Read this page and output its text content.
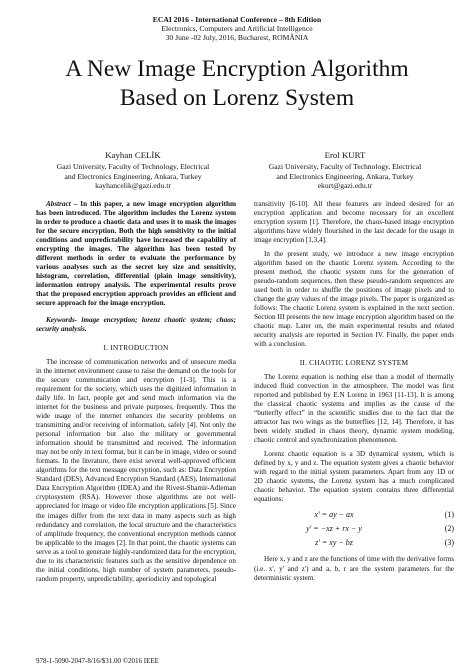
ECAI 2016 - International Conference – 8th Edition
Electronics, Computers and Artificial Intelligence
30 June -02 July, 2016, Bucharest, ROMÂNIA
A New Image Encryption Algorithm
Based on Lorenz System
Kayhan CELİK
Gazi University, Faculty of Technology, Electrical
and Electronics Engineering, Ankara, Turkey
kayhancelik@gazi.edu.tr
Erol KURT
Gazi University, Faculty of Technology, Electrical
and Electronics Engineering, Ankara, Turkey
ekurt@gazi.edu.tr

Abstract – In this paper, a new image encryption algorithm has been introduced. The algorithm includes the Lorenz system in order to produce a chaotic data and uses it to mask the images for the secure encryption. Both the high sensitivity to the initial conditions and unpredictability have increased the capability of encrypting the images. The algorithm has been tested by different methods in order to evaluate the performance by various analyses such as the secret key size and sensitivity, histogram, correlation, differential (plain image sensitivity), information entropy analysis. The experimental results prove that the proposed encryption approach provides an efficient and secure approach for the image encryption.

Keywords- image encryption; lorenz chaotic system; chaos; security analysis.

I. INTRODUCTION

The increase of communication networks and of unsecure media in the internet environment cause to raise the demand on the tools for the secure communication and encryption [1-3]. This is a requirement for the society, which uses the digitized information in daily life. In fact, people get and send much information via the internet for the business and private purposes, frequently. Thus the wide usage of the internet enhances the security problems on transmitting and/or receiving of information, safely [4]. Not only the personal information but also the military or governmental information should be transmitted and received. The information may not be only in text format, but it can be in image, video or sound formats. In the literature, there exist several well-approved efficient algorithms for the text message encryption, such as: Data Encryption Standard (DES), Advanced Encryption Standard (AES), International Data Encryption Algorithm (IDEA) and the Rivest-Shamir-Adleman cryptosystem (RSA). However those algorithms are not well-appreciated for image or video file encryption applications [5]. Since the images differ from the text data in many aspects such as high redundancy and correlation, the local structure and the characteristics of amplitude frequency, the conventional encryption methods cannot be applicable to the images [2]. In that point, the chaotic systems can serve as a tool to generate highly-randomized data for the encryption, due to its characteristic features such as the sensitive dependence on the initial conditions, high number of system parameters, pseudo-random property, unpredictability, aperiodicity and topological

transitivity [6-10]. All these features are indeed desired for an encryption application and become necessary for an excellent encryption system [1]. Therefore, the chaos-based image encryption algorithms have widely flourished in the last decade for the usage in image encryption [1,3,4].

In the present study, we introduce a new image encryption algorithm based on the chaotic Lorenz system. According to the present method, the chaotic system runs for the generation of pseudo-random sequences, then these pseudo-random sequences are used both in order to shuffle the positions of image pixels and to change the gray values of the image pixels. The paper is organized as follows: The chaotic Lorenz system is explained in the next section. Section III presents the new image encryption algorithm based on the chaotic map. Later on, the main experimental results and related security analysis are reported in Section IV. Finally, the paper ends with a conclusion.

II. CHAOTIC LORENZ SYSTEM

The Lorenz equation is nothing else than a model of thermally induced fluid convection in the atmosphere. The model was first reported and published by E.N Lorenz in 1963 [11-13]. It is among the classical chaotic systems and implies as the cause of the “butterfly effect” in the scientific studies due to the fact that the attractor has two wings as the butterflies [12, 14]. Therefore, it has been widely studied in chaos theory, dynamic system modeling, chaotic control and synchronization phenomenon.

Lorenz chaotic equation is a 3D dynamical system, which is defined by x, y and z. The equation system gives a chaotic behavior with regard to the initial system parameters. Apart from any 1D or 2D chaotic systems, the Lorenz system has a much complicated chaotic behavior. The equation system contains three differential equations:

x' = ay − ax	(1)
y' = −xz + rx − y	(2)
z' = xy − bz	(3)

Here x, y and z are the functions of time with the derivative forms (i.e. x', y' and z') and a, b, r are the system parameters for the deterministic system.

978-1-5090-2047-8/16/$31.00 ©2016 IEEE
